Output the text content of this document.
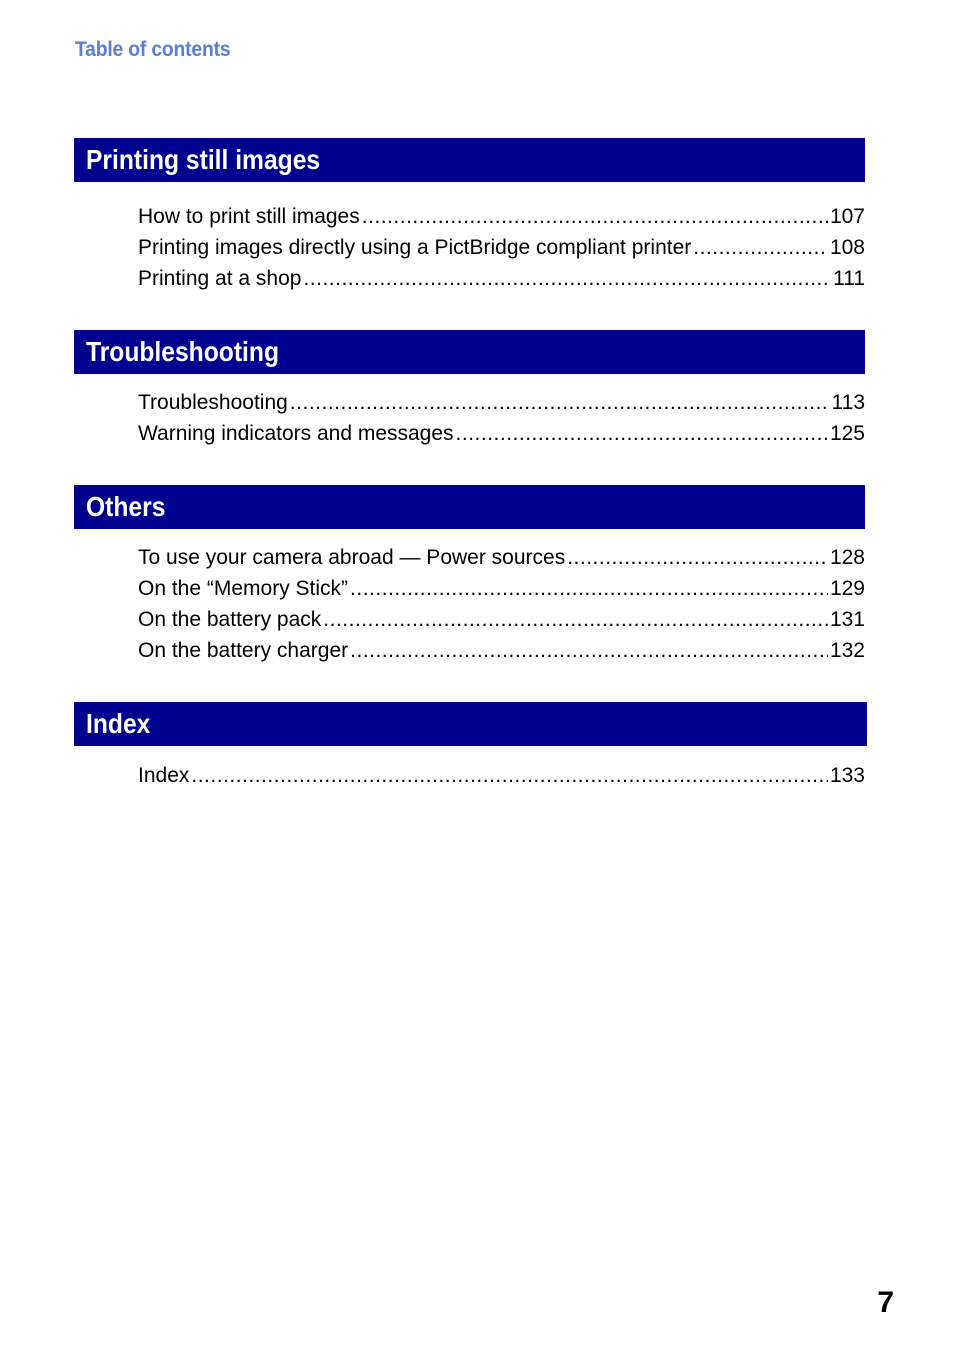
Table of contents
Printing still images
How to print still images .....	107
Printing images directly using a PictBridge compliant printer .....	108
Printing at a shop .....	111
Troubleshooting
Troubleshooting .....	113
Warning indicators and messages .....	125
Others
To use your camera abroad — Power sources .....	128
On the “Memory Stick” .....	129
On the battery pack .....	131
On the battery charger .....	132
Index
Index .....	133
7
